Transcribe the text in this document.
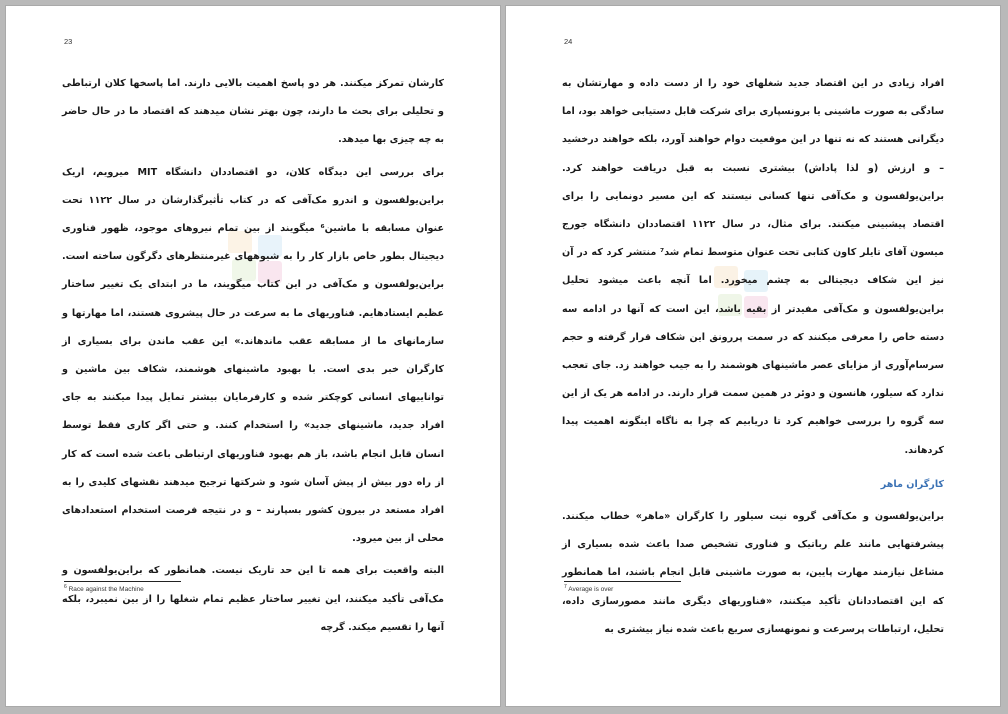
23

کارشان تمرکز میکنند. هر دو پاسخ اهمیت بالایی دارند. اما پاسخها کلان ارتباطی و تحلیلی برای بحث ما دارند، چون بهتر نشان میدهند که اقتصاد ما در حال حاضر به چه چیزی بها میدهد.

برای بررسی این دیدگاه کلان، دو اقتصاددان دانشگاه MIT میرویم، اریک براین‌یولفسون و اندرو مک‌آفی که در کتاب تأثیرگذارشان در سال ۱۱۲۲ تحت عنوان مسابقه با ماشین⁶ میگویند از بین تمام نیروهای موجود، ظهور فناوری دیجیتال بطور خاص بازار کار را به شیوههای غیرمنتظرهای دگرگون ساخته است. براین‌یولفسون و مک‌آفی در این کتاب میگویند، ما در ابتدای یک تغییر ساختار عظیم ایستادهایم. فناوریهای ما به سرعت در حال پیشروی هستند، اما مهارتها و سازمانهای ما از مسابقه عقب ماندهاند.» این عقب ماندن برای بسیاری از کارگران خبر بدی است. با بهبود ماشینهای هوشمند، شکاف بین ماشین و تواناییهای انسانی کوچکتر شده و کارفرمایان بیشتر تمایل پیدا میکنند به جای افراد جدید، ماشینهای جدید» را استخدام کنند. و حتی اگر کاری فقط توسط انسان قابل انجام باشد، باز هم بهبود فناوریهای ارتباطی باعث شده است که کار از راه دور بیش از پیش آسان شود و شرکتها ترجیح میدهند نقشهای کلیدی را به افراد مستعد در بیرون کشور بسپارند – و در نتیجه فرصت استخدام استعدادهای محلی از بین میرود.

البته واقعیت برای همه تا این حد تاریک نیست. همانطور که براین‌یولفسون و مک‌آفی تأکید میکنند، این تغییر ساختار عظیم تمام شغلها را از بین نمیبرد، بلکه آنها را تقسیم میکند. گرچه

$^6$ Race against the Machine
24

افراد زیادی در این اقتصاد جدید شغلهای خود را از دست داده و مهارتشان به سادگی به صورت ماشینی یا برونسپاری برای شرکت قابل دستیابی خواهد بود، اما دیگرانی هستند که نه تنها در این موقعیت دوام خواهند آورد، بلکه خواهند درخشید – و ارزش (و لذا پاداش) بیشتری نسبت به قبل دریافت خواهند کرد. براین‌یولفسون و مک‌آفی تنها کسانی نیستند که این مسیر دونمایی را برای اقتصاد پیشبینی میکنند. برای مثال، در سال ۱۱۲۲ اقتصاددان دانشگاه جورج میسون آقای تایلر کاون کتابی تحت عنوان متوسط تمام شد⁷ منتشر کرد که در آن نیز این شکاف دیجیتالی به چشم میخورد. اما آنچه باعث میشود تحلیل براین‌یولفسون و مک‌آفی مفیدتر از بقیه باشد، این است که آنها در ادامه سه دسته خاص را معرفی میکنند که در سمت پررونق این شکاف قرار گرفته و حجم سرسام‌آوری از مزایای عصر ماشینهای هوشمند را به جیب خواهند زد. جای تعجب ندارد که سیلور، هانسون و دوئر در همین سمت قرار دارند. در ادامه هر یک از این سه گروه را بررسی خواهیم کرد تا دریابیم که چرا به ناگاه اینگونه اهمیت پیدا کردهاند.

کارگران ماهر

براین‌یولفسون و مک‌آفی گروه نیت سیلور را کارگران «ماهر» خطاب میکنند. پیشرفتهایی مانند علم رباتیک و فناوری تشخیص صدا باعث شده بسیاری از مشاغل نیازمند مهارت پایین، به صورت ماشینی قابل انجام باشند، اما همانطور که این اقتصاددانان تأکید میکنند، «فناوریهای دیگری مانند مصورسازی داده، تحلیل، ارتباطات پرسرعت و نمونهسازی سریع باعث شده نیاز بیشتری به

$^7$ Average is over
